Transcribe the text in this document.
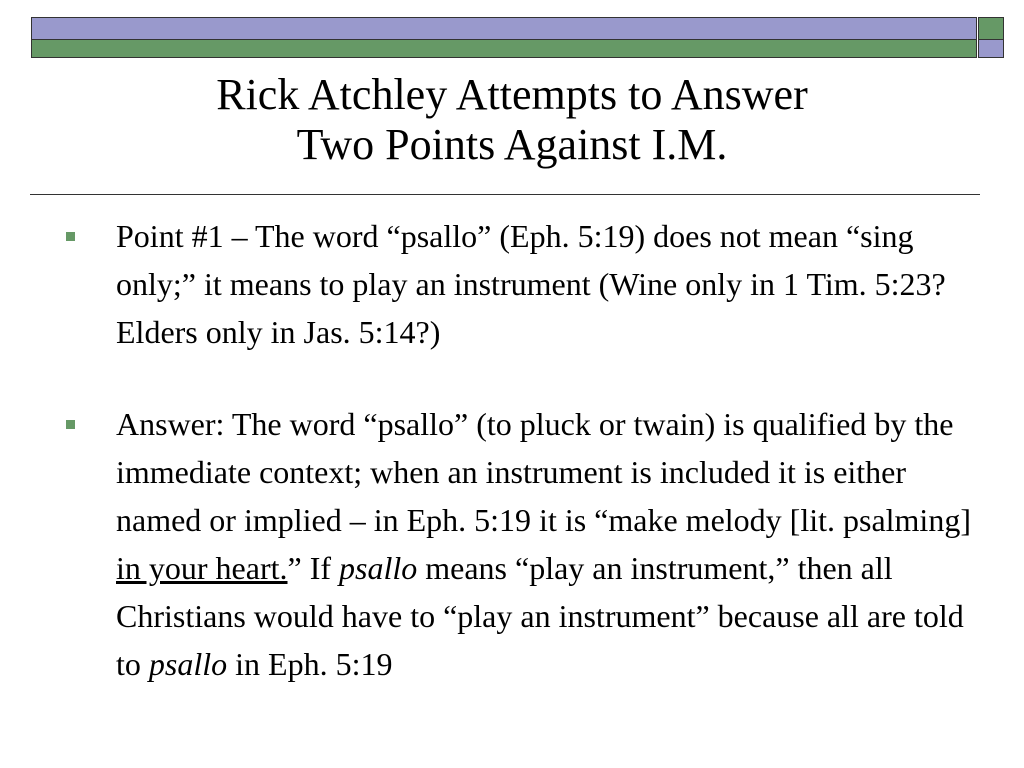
Rick Atchley Attempts to Answer
Two Points Against I.M.
Point #1 – The word “psallo” (Eph. 5:19) does not mean “sing only;” it means to play an instrument (Wine only in 1 Tim. 5:23? Elders only in Jas. 5:14?)
Answer: The word “psallo” (to pluck or twain) is qualified by the immediate context; when an instrument is included it is either named or implied – in Eph. 5:19 it is “make melody [lit. psalming] in your heart.” If psallo means “play an instrument,” then all Christians would have to “play an instrument” because all are told to psallo in Eph. 5:19
